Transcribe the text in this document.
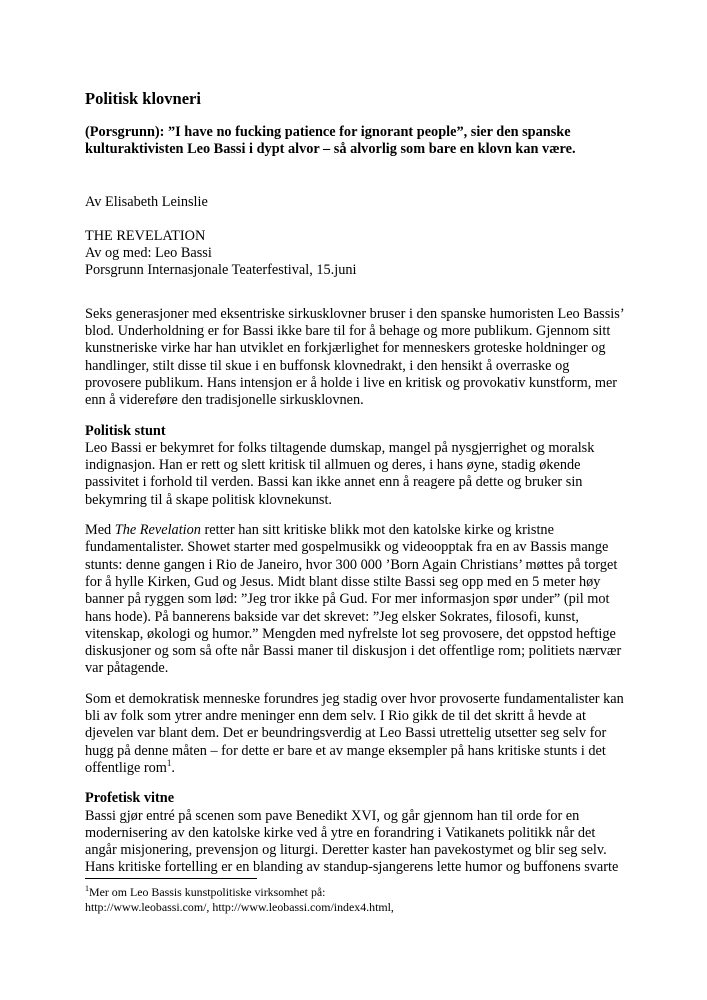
Politisk klovneri

(Porsgrunn): ”I have no fucking patience for ignorant people”, sier den spanske kulturaktivisten Leo Bassi i dypt alvor – så alvorlig som bare en klovn kan være.

Av Elisabeth Leinslie
THE REVELATION
Av og med: Leo Bassi
Porsgrunn Internasjonale Teaterfestival, 15.juni

Seks generasjoner med eksentriske sirkusklovner bruser i den spanske humoristen Leo Bassis’ blod. Underholdning er for Bassi ikke bare til for å behage og more publikum. Gjennom sitt kunstneriske virke har han utviklet en forkjærlighet for menneskers groteske holdninger og handlinger, stilt disse til skue i en buffonsk klovnedrakt, i den hensikt å overraske og provosere publikum. Hans intensjon er å holde i live en kritisk og provokativ kunstform, mer enn å videreføre den tradisjonelle sirkusklovnen.

Politisk stunt

Leo Bassi er bekymret for folks tiltagende dumskap, mangel på nysgjerrighet og moralsk indignasjon. Han er rett og slett kritisk til allmuen og deres, i hans øyne, stadig økende passivitet i forhold til verden. Bassi kan ikke annet enn å reagere på dette og bruker sin bekymring til å skape politisk klovnekunst.

Med The Revelation retter han sitt kritiske blikk mot den katolske kirke og kristne fundamentalister. Showet starter med gospelmusikk og videoopptak fra en av Bassis mange stunts: denne gangen i Rio de Janeiro, hvor 300 000 ’Born Again Christians’ møttes på torget for å hylle Kirken, Gud og Jesus. Midt blant disse stilte Bassi seg opp med en 5 meter høy banner på ryggen som lød: ”Jeg tror ikke på Gud. For mer informasjon spør under” (pil mot hans hode). På bannerens bakside var det skrevet: ”Jeg elsker Sokrates, filosofi, kunst, vitenskap, økologi og humor.” Mengden med nyfrelste lot seg provosere, det oppstod heftige diskusjoner og som så ofte når Bassi maner til diskusjon i det offentlige rom; politiets nærvær var påtagende.

Som et demokratisk menneske forundres jeg stadig over hvor provoserte fundamentalister kan bli av folk som ytrer andre meninger enn dem selv. I Rio gikk de til det skritt å hevde at djevelen var blant dem. Det er beundringsverdig at Leo Bassi utrettelig utsetter seg selv for hugg på denne måten – for dette er bare et av mange eksempler på hans kritiske stunts i det offentlige rom$^1$.

Profetisk vitne

Bassi gjør entré på scenen som pave Benedikt XVI, og går gjennom han til orde for en modernisering av den katolske kirke ved å ytre en forandring i Vatikanets politikk når det angår misjonering, prevensjon og liturgi. Deretter kaster han pavekostymet og blir seg selv. Hans kritiske fortelling er en blanding av standup-sjangerens lette humor og buffonens svarte

$^1$Mer om Leo Bassis kunstpolitiske virksomhet på:
http://www.leobassi.com/, http://www.leobassi.com/index4.html,
